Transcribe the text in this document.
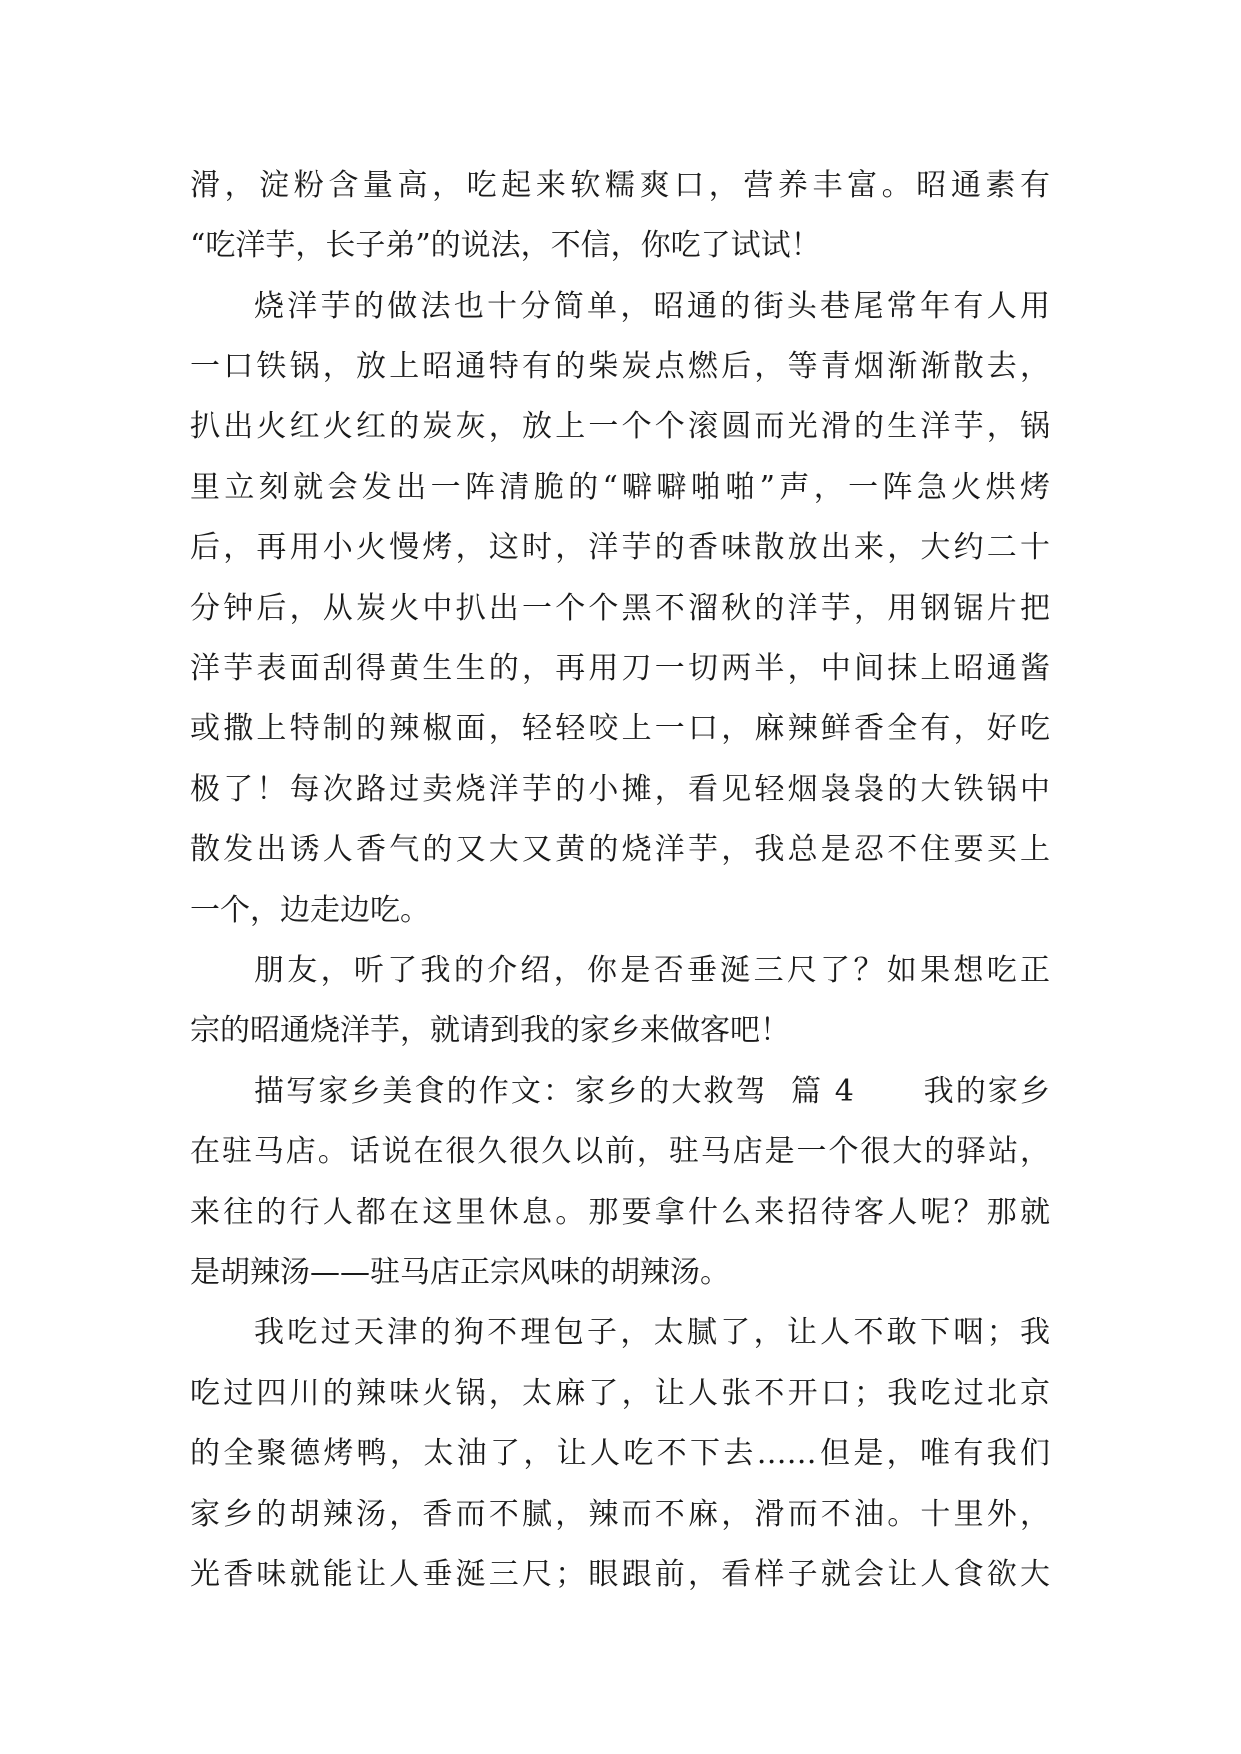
滑，淀粉含量高，吃起来软糯爽口，营养丰富。昭通素有
“吃洋芋，长子弟”的说法，不信，你吃了试试！
烧洋芋的做法也十分简单，昭通的街头巷尾常年有人用
一口铁锅，放上昭通特有的柴炭点燃后，等青烟渐渐散去，
扒出火红火红的炭灰，放上一个个滚圆而光滑的生洋芋，锅
里立刻就会发出一阵清脆的“噼噼啪啪”声，一阵急火烘烤
后，再用小火慢烤，这时，洋芋的香味散放出来，大约二十
分钟后，从炭火中扒出一个个黑不溜秋的洋芋，用钢锯片把
洋芋表面刮得黄生生的，再用刀一切两半，中间抹上昭通酱
或撒上特制的辣椒面，轻轻咬上一口，麻辣鲜香全有，好吃
极了！每次路过卖烧洋芋的小摊，看见轻烟袅袅的大铁锅中
散发出诱人香气的又大又黄的烧洋芋，我总是忍不住要买上
一个，边走边吃。
朋友，听了我的介绍，你是否垂涎三尺了？如果想吃正
宗的昭通烧洋芋，就请到我的家乡来做客吧！
描写家乡美食的作文：家乡的大救驾  篇 4      我的家乡
在驻马店。话说在很久很久以前，驻马店是一个很大的驿站，
来往的行人都在这里休息。那要拿什么来招待客人呢？那就
是胡辣汤——驻马店正宗风味的胡辣汤。
我吃过天津的狗不理包子，太腻了，让人不敢下咽；我
吃过四川的辣味火锅，太麻了，让人张不开口；我吃过北京
的全聚德烤鸭，太油了，让人吃不下去……但是，唯有我们
家乡的胡辣汤，香而不腻，辣而不麻，滑而不油。十里外，
光香味就能让人垂涎三尺；眼跟前，看样子就会让人食欲大
